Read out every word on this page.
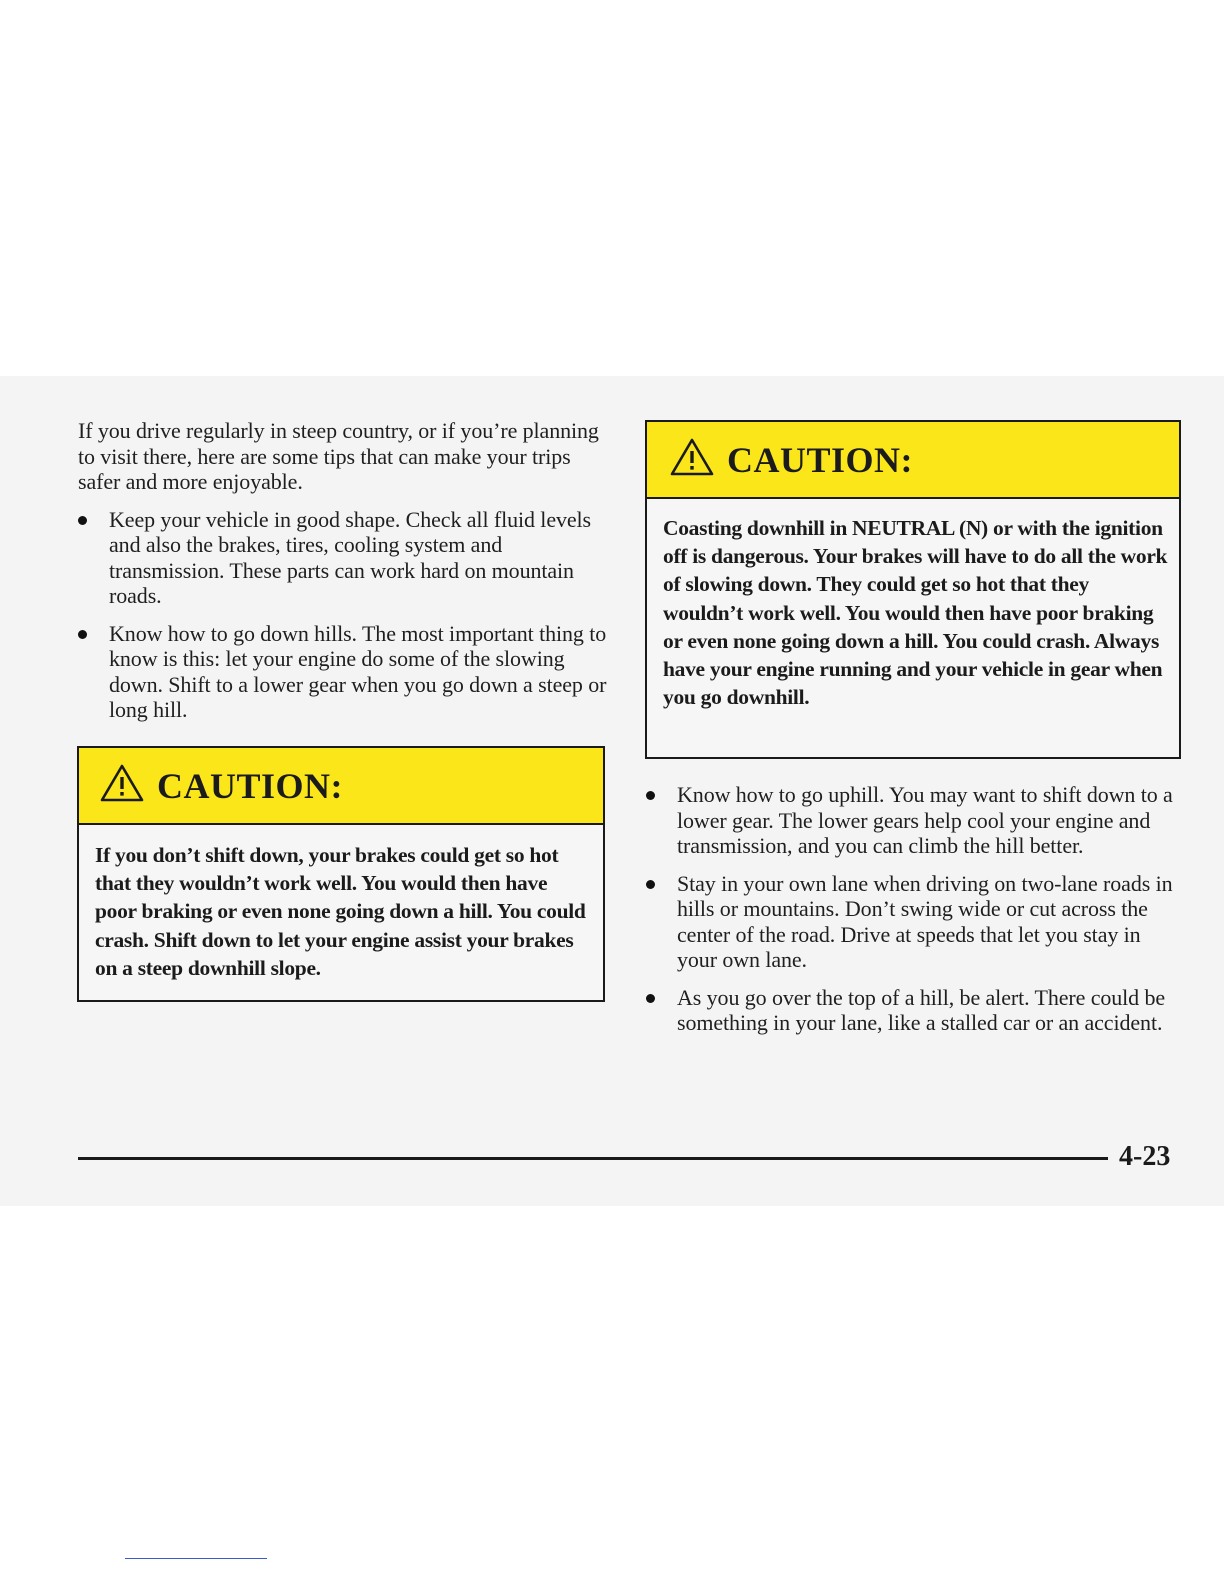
If you drive regularly in steep country, or if you’re planning to visit there, here are some tips that can make your trips safer and more enjoyable.

Keep your vehicle in good shape. Check all fluid levels and also the brakes, tires, cooling system and transmission. These parts can work hard on mountain roads.
Know how to go down hills. The most important thing to know is this: let your engine do some of the slowing down. Shift to a lower gear when you go down a steep or long hill.
CAUTION:
If you don’t shift down, your brakes could get so hot that they wouldn’t work well. You would then have poor braking or even none going down a hill. You could crash. Shift down to let your engine assist your brakes on a steep downhill slope.
CAUTION:
Coasting downhill in NEUTRAL (N) or with the ignition off is dangerous. Your brakes will have to do all the work of slowing down. They could get so hot that they wouldn’t work well. You would then have poor braking or even none going down a hill. You could crash. Always have your engine running and your vehicle in gear when you go downhill.
Know how to go uphill. You may want to shift down to a lower gear. The lower gears help cool your engine and transmission, and you can climb the hill better.
Stay in your own lane when driving on two-lane roads in hills or mountains. Don’t swing wide or cut across the center of the road. Drive at speeds that let you stay in your own lane.
As you go over the top of a hill, be alert. There could be something in your lane, like a stalled car or an accident.
4-23
